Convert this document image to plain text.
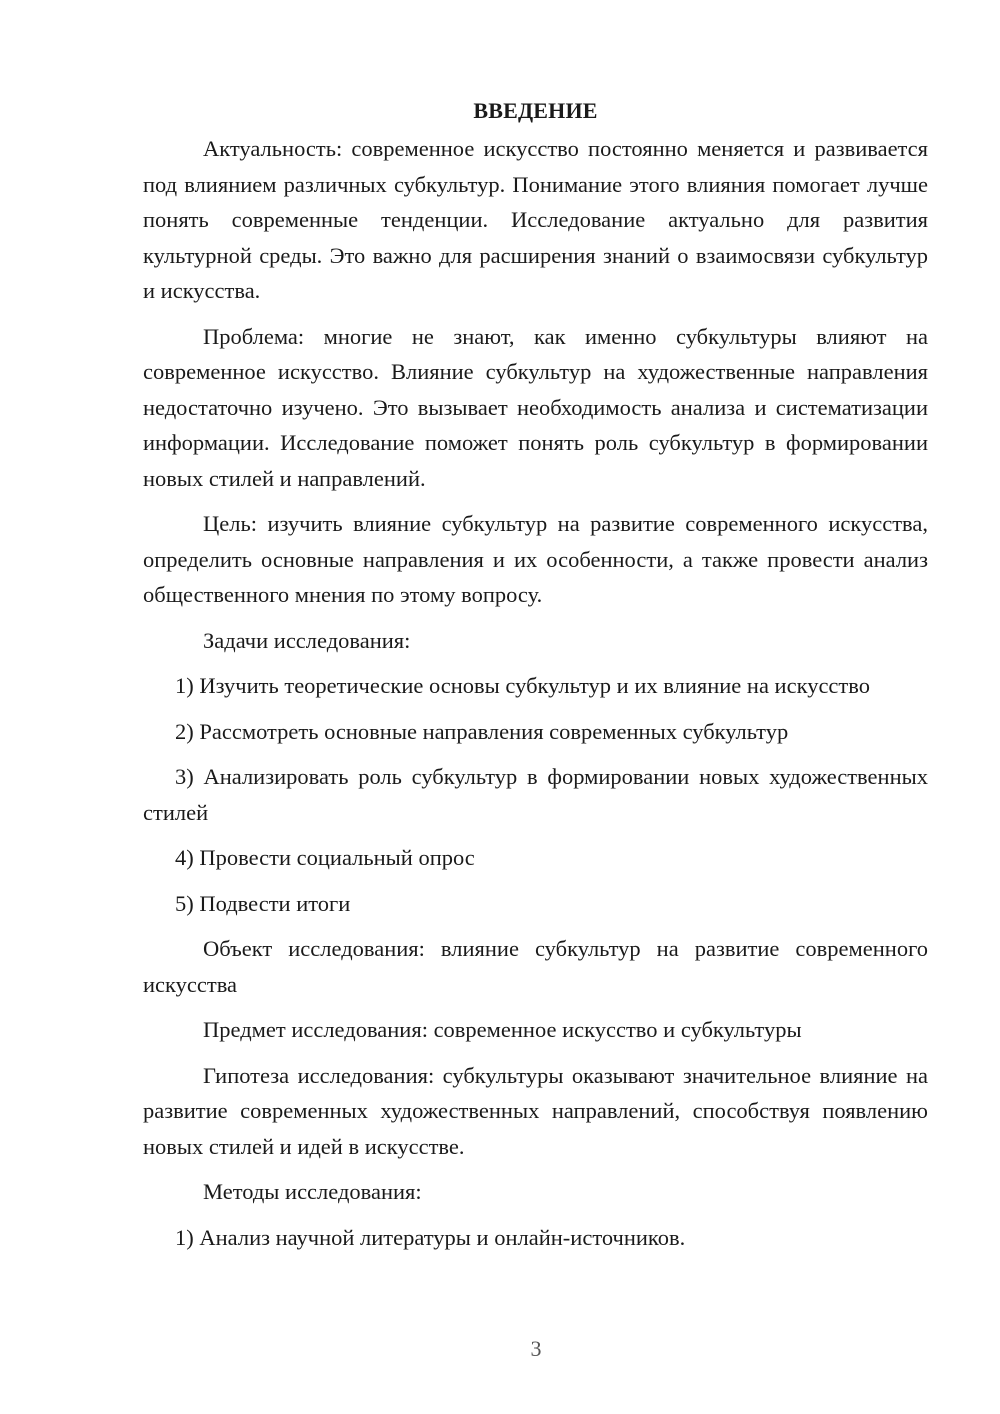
ВВЕДЕНИЕ

Актуальность: современное искусство постоянно меняется и развивается под влиянием различных субкультур. Понимание этого влияния помогает лучше понять современные тенденции. Исследование актуально для развития культурной среды. Это важно для расширения знаний о взаимосвязи субкультур и искусства.

Проблема: многие не знают, как именно субкультуры влияют на современное искусство. Влияние субкультур на художественные направления недостаточно изучено. Это вызывает необходимость анализа и систематизации информации. Исследование поможет понять роль субкультур в формировании новых стилей и направлений.

Цель: изучить влияние субкультур на развитие современного искусства, определить основные направления и их особенности, а также провести анализ общественного мнения по этому вопросу.

Задачи исследования:

1) Изучить теоретические основы субкультур и их влияние на искусство

2) Рассмотреть основные направления современных субкультур

3) Анализировать роль субкультур в формировании новых художественных стилей

4) Провести социальный опрос

5) Подвести итоги

Объект исследования: влияние субкультур на развитие современного искусства

Предмет исследования: современное искусство и субкультуры

Гипотеза исследования: субкультуры оказывают значительное влияние на развитие современных художественных направлений, способствуя появлению новых стилей и идей в искусстве.

Методы исследования:

1) Анализ научной литературы и онлайн-источников.

3
